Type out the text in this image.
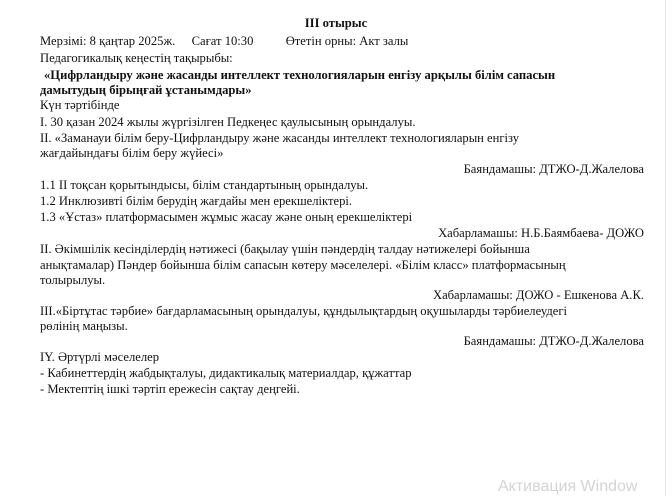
III отырыс
Мерзімі: 8 қаңтар 2025ж. Сағат 10:30	Өтетін орны: Акт залы
Педагогикалық кеңестің тақырыбы:
«Цифрландыру және жасанды интеллект технологияларын енгізу арқылы білім сапасын
дамытудың бірыңғай ұстанымдары»
Күн тәртібінде
I. 30 қазан 2024 жылы жүргізілген Педкеңес қаулысының орындалуы.
II. «Заманауи білім беру-Цифрландыру және жасанды интеллект технологияларын енгізу
жағдайындағы білім беру жүйесі»
Баяндамашы: ДТЖО-Д.Жалелова
1.1 II тоқсан қорытындысы, білім стандартының орындалуы.
1.2 Инклюзивті білім берудің жағдайы мен ерекшеліктері.
1.3 «Ұстаз» платформасымен жұмыс жасау және оның ерекшеліктері
Хабарламашы: Н.Б.Баямбаева- ДОЖО
II. Әкімшілік кесінділердің нәтижесі (бақылау үшін пәндердің талдау нәтижелері бойынша
анықтамалар) Пәндер бойынша білім сапасын көтеру мәселелері. «Білім класс» платформасының
толырылуы.
Хабарламашы: ДОЖО - Ешкенова А.К.
ІІІ.«Біртұтас тәрбие» бағдарламасының орындалуы, құндылықтардың оқушыларды тәрбиелеудегі
рөлінің маңызы.
Баяндамашы: ДТЖО-Д.Жалелова
IY. Әртүрлі мәселелер
- Кабинеттердің жабдықталуы, дидактикалық материалдар, құжаттар
- Мектептің ішкі тәртіп ережесін сақтау деңгейі.
Активация Window
